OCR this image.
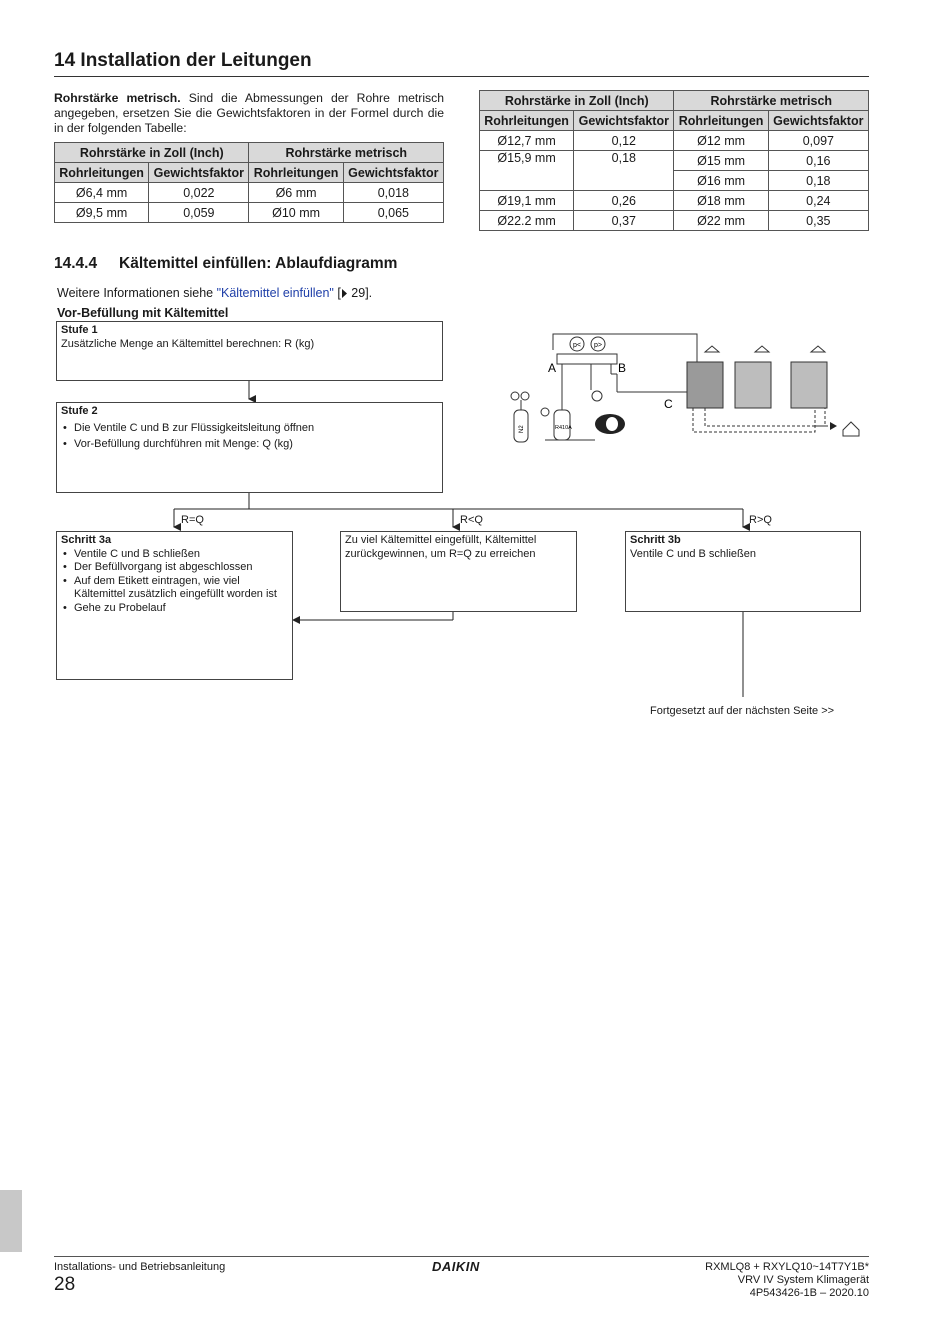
14 Installation der Leitungen
Rohrstärke metrisch. Sind die Abmessungen der Rohre metrisch angegeben, ersetzen Sie die Gewichtsfaktoren in der Formel durch die in der folgenden Tabelle:
Rohrstärke in Zoll (Inch)		Rohrstärke metrisch	
Rohrleitungen	Gewichtsfaktor	Rohrleitungen	Gewichtsfaktor
Ø6,4 mm	0,022	Ø6 mm	0,018
Ø9,5 mm	0,059	Ø10 mm	0,065
Rohrstärke in Zoll (Inch)		Rohrstärke metrisch	
Rohrleitungen	Gewichtsfaktor	Rohrleitungen	Gewichtsfaktor
Ø12,7 mm	0,12	Ø12 mm	0,097
Ø15,9 mm	0,18	Ø15 mm	0,16
		Ø16 mm	0,18
Ø19,1 mm	0,26	Ø18 mm	0,24
Ø22.2 mm	0,37	Ø22 mm	0,35
14.4.4 Kältemittel einfüllen: Ablaufdiagramm
Weitere Informationen siehe "Kältemittel einfüllen" [ 29].
Vor-Befüllung mit Kältemittel
Stufe 1
Zusätzliche Menge an Kältemittel berechnen: R (kg)
Stufe 2
• Die Ventile C und B zur Flüssigkeitsleitung öffnen
• Vor-Befüllung durchführen mit Menge: Q (kg)
R=Q	R<Q	R>Q
Schritt 3a
• Ventile C und B schließen
• Der Befüllvorgang ist abgeschlossen
• Auf dem Etikett eintragen, wie viel Kältemittel zusätzlich eingefüllt worden ist
• Gehe zu Probelauf
Zu viel Kältemittel eingefüllt, Kältemittel zurückgewinnen, um R=Q zu erreichen
Schritt 3b
Ventile C und B schließen
Fortgesetzt auf der nächsten Seite >>
p< p>
A	B
C
N2	R410A
Installations- und Betriebsanleitung
28
DAIKIN	RXMLQ8 + RXYLQ10~14T7Y1B*
VRV IV System Klimagerät
4P543426-1B – 2020.10
